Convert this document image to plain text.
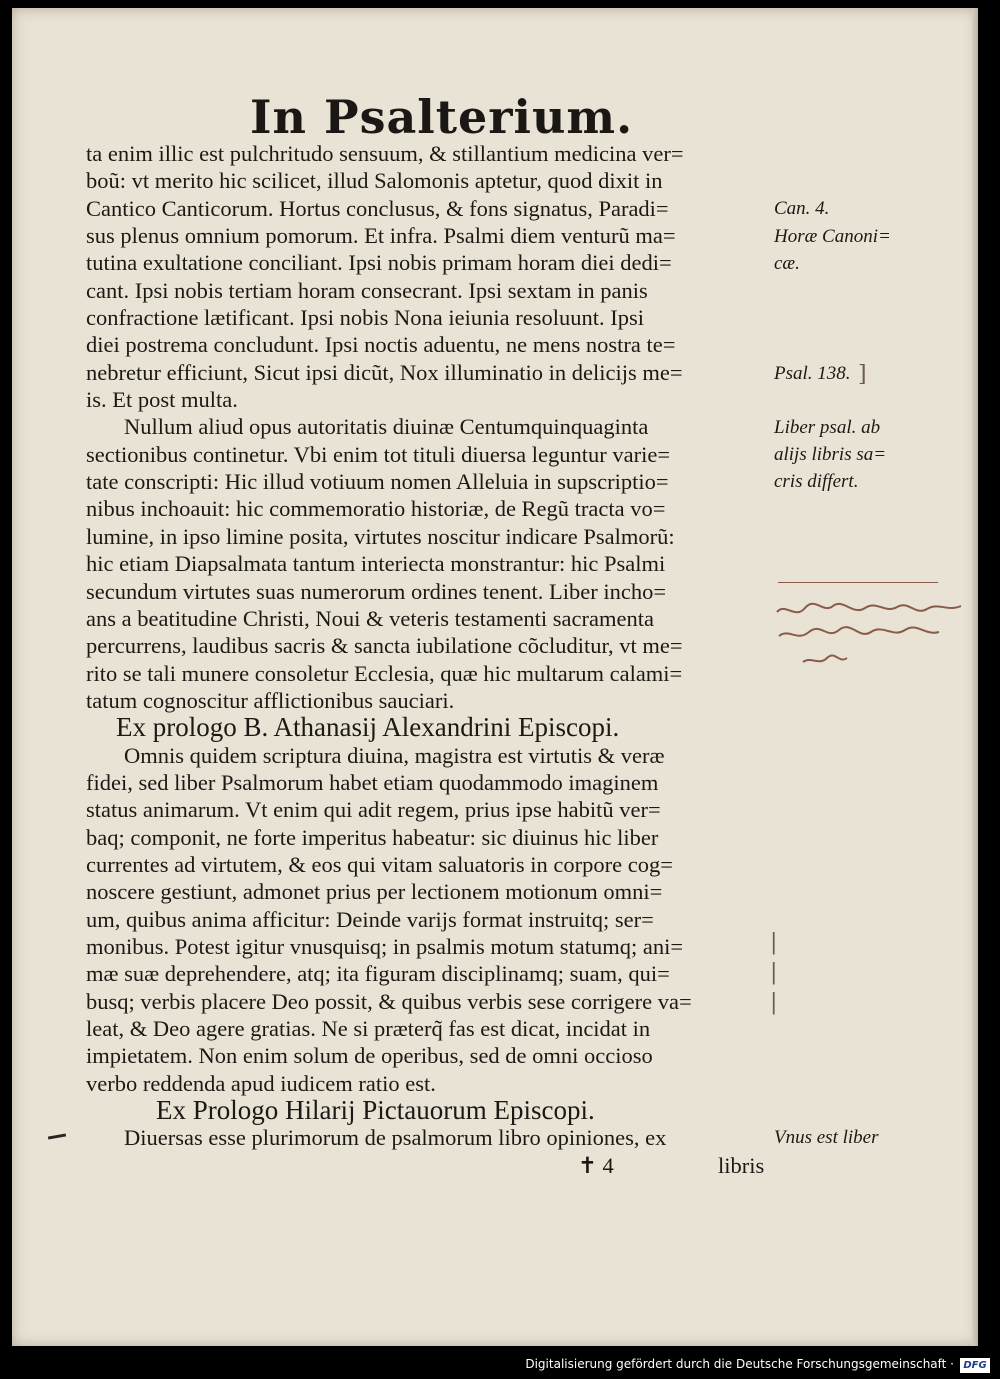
In Psalterium.
ta enim illic est pulchritudo sensuum, & stillantium medicina ver=
boũ: vt merito hic scilicet, illud Salomonis aptetur, quod dixit in
Cantico Canticorum. Hortus conclusus, & fons signatus, Paradi=
sus plenus omnium pomorum. Et infra. Psalmi diem venturũ ma=
tutina exultatione conciliant. Ipsi nobis primam horam diei dedi=
cant. Ipsi nobis tertiam horam consecrant. Ipsi sextam in panis
confractione lætificant. Ipsi nobis Nona ieiunia resoluunt. Ipsi
diei postrema concludunt. Ipsi noctis aduentu, ne mens nostra te=
nebretur efficiunt, Sicut ipsi dicũt, Nox illuminatio in delicijs me=
is. Et post multa.
Nullum aliud opus autoritatis diuinæ Centumquinquaginta
sectionibus continetur. Vbi enim tot tituli diuersa leguntur varie=
tate conscripti: Hic illud votiuum nomen Alleluia in supscriptio=
nibus inchoauit: hic commemoratio historiæ, de Regũ tracta vo=
lumine, in ipso limine posita, virtutes noscitur indicare Psalmorũ:
hic etiam Diapsalmata tantum interiecta monstrantur: hic Psalmi
secundum virtutes suas numerorum ordines tenent. Liber incho=
ans a beatitudine Christi, Noui & veteris testamenti sacramenta
percurrens, laudibus sacris & sancta iubilatione cõcluditur, vt me=
rito se tali munere consoletur Ecclesia, quæ hic multarum calami=
tatum cognoscitur afflictionibus sauciari.
Ex prologo B. Athanasij Alexandrini Episcopi.
Omnis quidem scriptura diuina, magistra est virtutis & veræ
fidei, sed liber Psalmorum habet etiam quodammodo imaginem
status animarum. Vt enim qui adit regem, prius ipse habitũ ver=
baq; componit, ne forte imperitus habeatur: sic diuinus hic liber
currentes ad virtutem, & eos qui vitam saluatoris in corpore cog=
noscere gestiunt, admonet prius per lectionem motionum omni=
um, quibus anima afficitur: Deinde varijs format instruitq; ser=
monibus. Potest igitur vnusquisq; in psalmis motum statumq; ani=
mæ suæ deprehendere, atq; ita figuram disciplinamq; suam, qui=
busq; verbis placere Deo possit, & quibus verbis sese corrigere va=
leat, & Deo agere gratias. Ne si præterq̃ fas est dicat, incidat in
impietatem. Non enim solum de operibus, sed de omni occioso
verbo reddenda apud iudicem ratio est.
Ex Prologo Hilarij Pictauorum Episcopi.
Diuersas esse plurimorum de psalmorum libro opiniones, ex
✝ 4	libris
Can. 4.
Horæ Canoni=
cæ.
Psal. 138.
Liber psal. ab
alijs libris sa=
cris differt.
Vnus est liber
]
|
|
|
Digitalisierung gefördert durch die Deutsche Forschungsgemeinschaft · DFG
